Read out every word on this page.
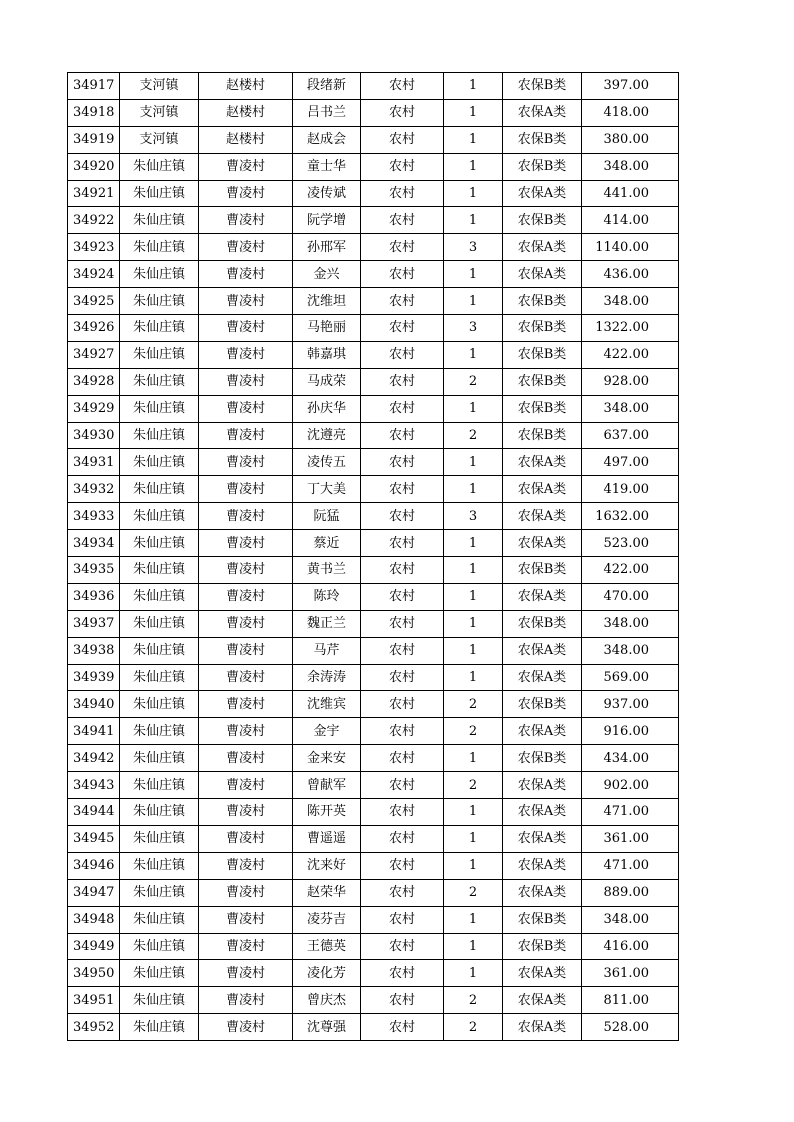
34917	支河镇	赵楼村	段绪新	农村	1	农保B类	397.00
34918	支河镇	赵楼村	吕书兰	农村	1	农保A类	418.00
34919	支河镇	赵楼村	赵成会	农村	1	农保B类	380.00
34920	朱仙庄镇	曹凌村	童士华	农村	1	农保B类	348.00
34921	朱仙庄镇	曹凌村	凌传斌	农村	1	农保A类	441.00
34922	朱仙庄镇	曹凌村	阮学增	农村	1	农保B类	414.00
34923	朱仙庄镇	曹凌村	孙邢军	农村	3	农保A类	1140.00
34924	朱仙庄镇	曹凌村	金兴	农村	1	农保A类	436.00
34925	朱仙庄镇	曹凌村	沈维坦	农村	1	农保B类	348.00
34926	朱仙庄镇	曹凌村	马艳丽	农村	3	农保B类	1322.00
34927	朱仙庄镇	曹凌村	韩嘉琪	农村	1	农保B类	422.00
34928	朱仙庄镇	曹凌村	马成荣	农村	2	农保B类	928.00
34929	朱仙庄镇	曹凌村	孙庆华	农村	1	农保B类	348.00
34930	朱仙庄镇	曹凌村	沈遵亮	农村	2	农保B类	637.00
34931	朱仙庄镇	曹凌村	凌传五	农村	1	农保A类	497.00
34932	朱仙庄镇	曹凌村	丁大美	农村	1	农保A类	419.00
34933	朱仙庄镇	曹凌村	阮猛	农村	3	农保A类	1632.00
34934	朱仙庄镇	曹凌村	蔡近	农村	1	农保A类	523.00
34935	朱仙庄镇	曹凌村	黄书兰	农村	1	农保B类	422.00
34936	朱仙庄镇	曹凌村	陈玲	农村	1	农保A类	470.00
34937	朱仙庄镇	曹凌村	魏正兰	农村	1	农保B类	348.00
34938	朱仙庄镇	曹凌村	马芹	农村	1	农保A类	348.00
34939	朱仙庄镇	曹凌村	余涛涛	农村	1	农保A类	569.00
34940	朱仙庄镇	曹凌村	沈维宾	农村	2	农保B类	937.00
34941	朱仙庄镇	曹凌村	金宇	农村	2	农保A类	916.00
34942	朱仙庄镇	曹凌村	金来安	农村	1	农保B类	434.00
34943	朱仙庄镇	曹凌村	曾献军	农村	2	农保A类	902.00
34944	朱仙庄镇	曹凌村	陈开英	农村	1	农保A类	471.00
34945	朱仙庄镇	曹凌村	曹遥遥	农村	1	农保A类	361.00
34946	朱仙庄镇	曹凌村	沈来好	农村	1	农保A类	471.00
34947	朱仙庄镇	曹凌村	赵荣华	农村	2	农保A类	889.00
34948	朱仙庄镇	曹凌村	凌芬吉	农村	1	农保B类	348.00
34949	朱仙庄镇	曹凌村	王德英	农村	1	农保B类	416.00
34950	朱仙庄镇	曹凌村	凌化芳	农村	1	农保A类	361.00
34951	朱仙庄镇	曹凌村	曾庆杰	农村	2	农保A类	811.00
34952	朱仙庄镇	曹凌村	沈尊强	农村	2	农保A类	528.00
